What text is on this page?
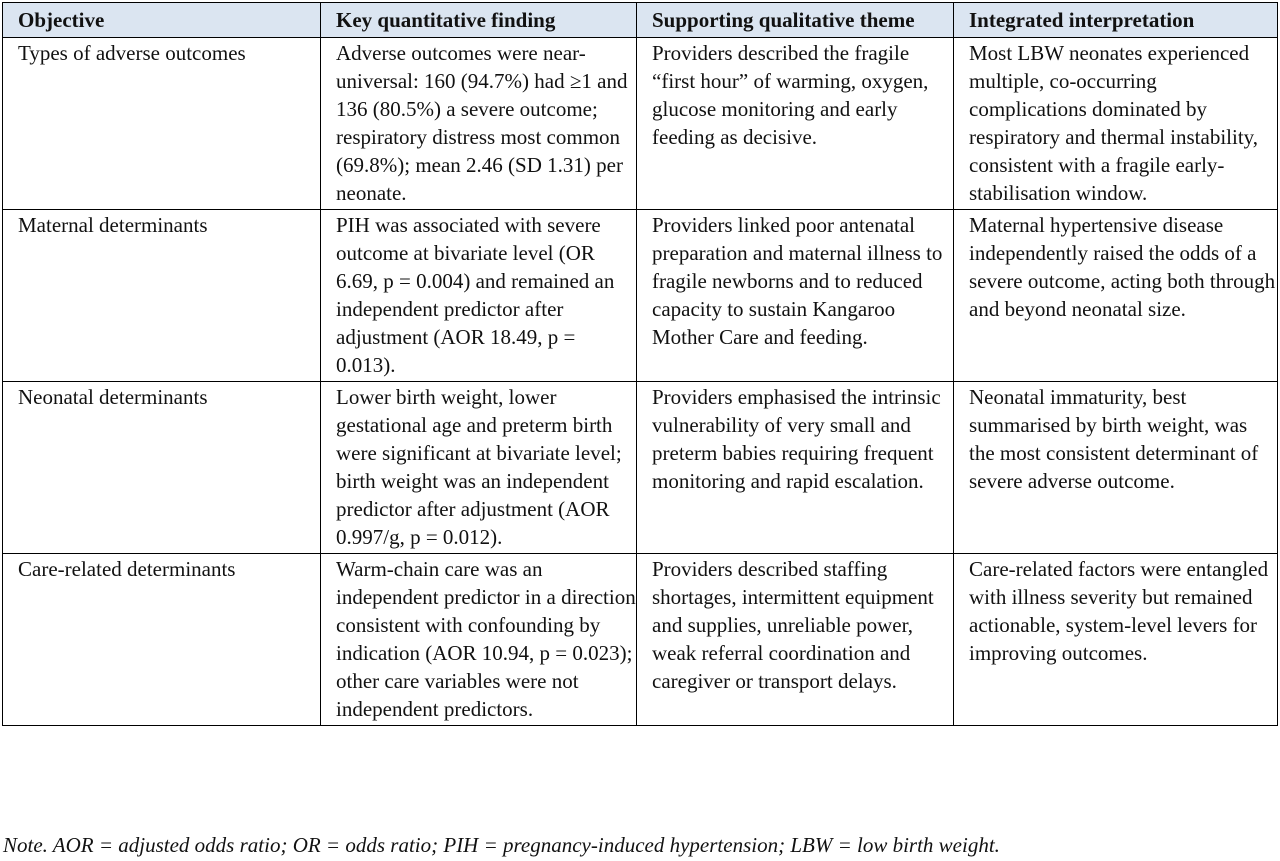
Objective	Key quantitative finding	Supporting qualitative theme	Integrated interpretation
Types of adverse outcomes	Adverse outcomes were near-universal: 160 (94.7%) had ≥1 and 136 (80.5%) a severe outcome; respiratory distress most common (69.8%); mean 2.46 (SD 1.31) per neonate.	Providers described the fragile “first hour” of warming, oxygen, glucose monitoring and early feeding as decisive.	Most LBW neonates experienced multiple, co-occurring complications dominated by respiratory and thermal instability, consistent with a fragile early-stabilisation window.
Maternal determinants	PIH was associated with severe outcome at bivariate level (OR 6.69, p = 0.004) and remained an independent predictor after adjustment (AOR 18.49, p = 0.013).	Providers linked poor antenatal preparation and maternal illness to fragile newborns and to reduced capacity to sustain Kangaroo Mother Care and feeding.	Maternal hypertensive disease independently raised the odds of a severe outcome, acting both through and beyond neonatal size.
Neonatal determinants	Lower birth weight, lower gestational age and preterm birth were significant at bivariate level; birth weight was an independent predictor after adjustment (AOR 0.997/g, p = 0.012).	Providers emphasised the intrinsic vulnerability of very small and preterm babies requiring frequent monitoring and rapid escalation.	Neonatal immaturity, best summarised by birth weight, was the most consistent determinant of severe adverse outcome.
Care-related determinants	Warm-chain care was an independent predictor in a direction consistent with confounding by indication (AOR 10.94, p = 0.023); other care variables were not independent predictors.	Providers described staffing shortages, intermittent equipment and supplies, unreliable power, weak referral coordination and caregiver or transport delays.	Care-related factors were entangled with illness severity but remained actionable, system-level levers for improving outcomes.
Note. AOR = adjusted odds ratio; OR = odds ratio; PIH = pregnancy-induced hypertension; LBW = low birth weight.
